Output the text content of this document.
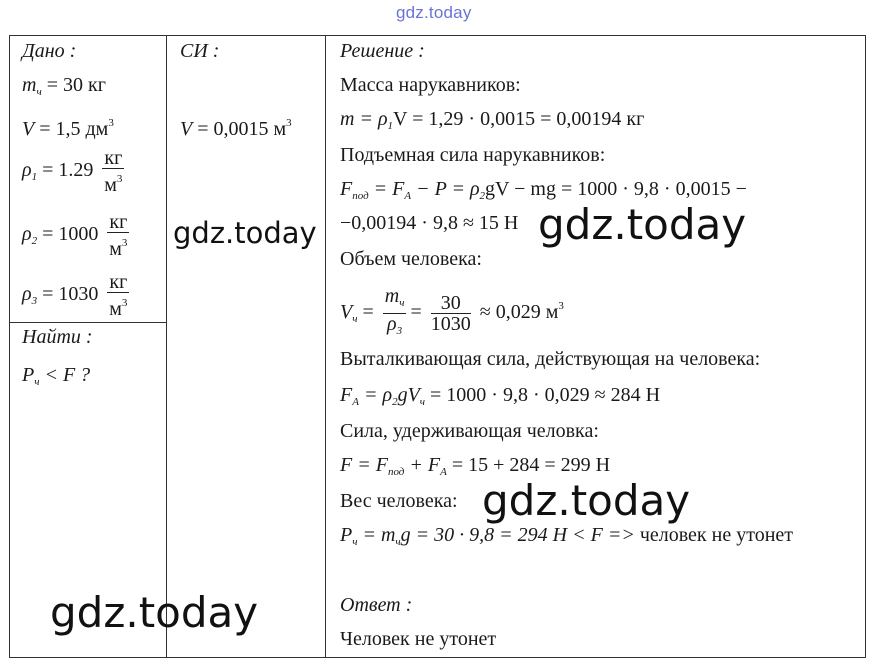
gdz.today
Дано :
$m_ч = 30$ кг
V = 1,5 $дм^3$
$\rho_1 = 1.29 \frac{кг}{м^3}$
$\rho_2 = 1000 \frac{кг}{м^3}$
$\rho_3 = 1030 \frac{кг}{м^3}$
Найти :
$P_ч < F$ ?
СИ :
V = 0,0015 $м^3$
Решение :
Масса нарукавников:
$m = \rho_1V = 1,29 \cdot 0,0015 = 0,00194$ кг
Подъемная сила нарукавников:
$F_{под} = F_A - P = \rho_2gV$ − mg = 1000 · 9,8 · 0,0015 −
−0,00194 · 9,8 ≈ 15 Н
Объем человека:
$V_ч = \frac{m_ч}{\rho_3} = \frac{30}{1030} \approx 0,029$ $м^3$
Выталкивающая сила, действующая на человека:
$F_A = \rho_2gV_ч = 1000 \cdot 9,8 \cdot 0,029 \approx 284$ Н
Сила, удерживающая человка:
$F = F_{под} + F_A = 15 + 284 = 299$ Н
Вес человека:
$P_ч = m_чg = 30 \cdot 9,8 = 294$ Н < F => человек не утонет
Ответ :
Человек не утонет
gdz.today	gdz.today
gdz.today
gdz.today
